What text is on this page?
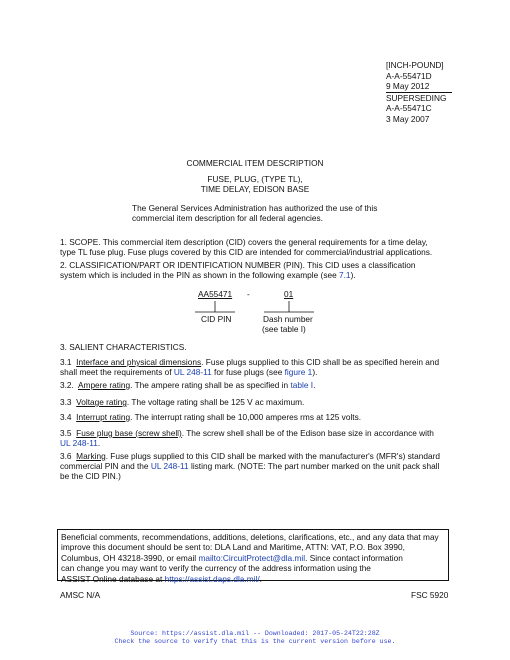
[INCH-POUND]
A-A-55471D
9 May 2012
SUPERSEDING
A-A-55471C
3 May 2007
COMMERCIAL ITEM DESCRIPTION
FUSE, PLUG, (TYPE TL),
TIME DELAY, EDISON BASE
The General Services Administration has authorized the use of this
commercial item description for all federal agencies.
1. SCOPE. This commercial item description (CID) covers the general requirements for a time delay,
type TL fuse plug. Fuse plugs covered by this CID are intended for commercial/industrial applications.
2. CLASSIFICATION/PART OR IDENTIFICATION NUMBER (PIN). This CID uses a classification
system which is included in the PIN as shown in the following example (see 7.1).
AA55471 -	01
CID PIN	Dash number
(see table I)
3. SALIENT CHARACTERISTICS.
3.1 Interface and physical dimensions. Fuse plugs supplied to this CID shall be as specified herein and
shall meet the requirements of UL 248-11 for fuse plugs (see figure 1).
3.2. Ampere rating. The ampere rating shall be as specified in table I.
3.3 Voltage rating. The voltage rating shall be 125 V ac maximum.
3.4 Interrupt rating. The interrupt rating shall be 10,000 amperes rms at 125 volts.
3.5 Fuse plug base (screw shell). The screw shell shall be of the Edison base size in accordance with
UL 248-11.
3.6 Marking. Fuse plugs supplied to this CID shall be marked with the manufacturer's (MFR's) standard
commercial PIN and the UL 248-11 listing mark. (NOTE: The part number marked on the unit pack shall
be the CID PIN.)
Beneficial comments, recommendations, additions, deletions, clarifications, etc., and any data that may
improve this document should be sent to: DLA Land and Maritime, ATTN: VAT, P.O. Box 3990,
Columbus, OH 43218-3990, or email mailto:CircuitProtect@dla.mil. Since contact information
can change you may want to verify the currency of the address information using the
ASSIST Online database at https://assist.daps.dla.mil/.
AMSC N/A	FSC 5920
Source: https://assist.dla.mil -- Downloaded: 2017-05-24T22:28Z
Check the source to verify that this is the current version before use.
